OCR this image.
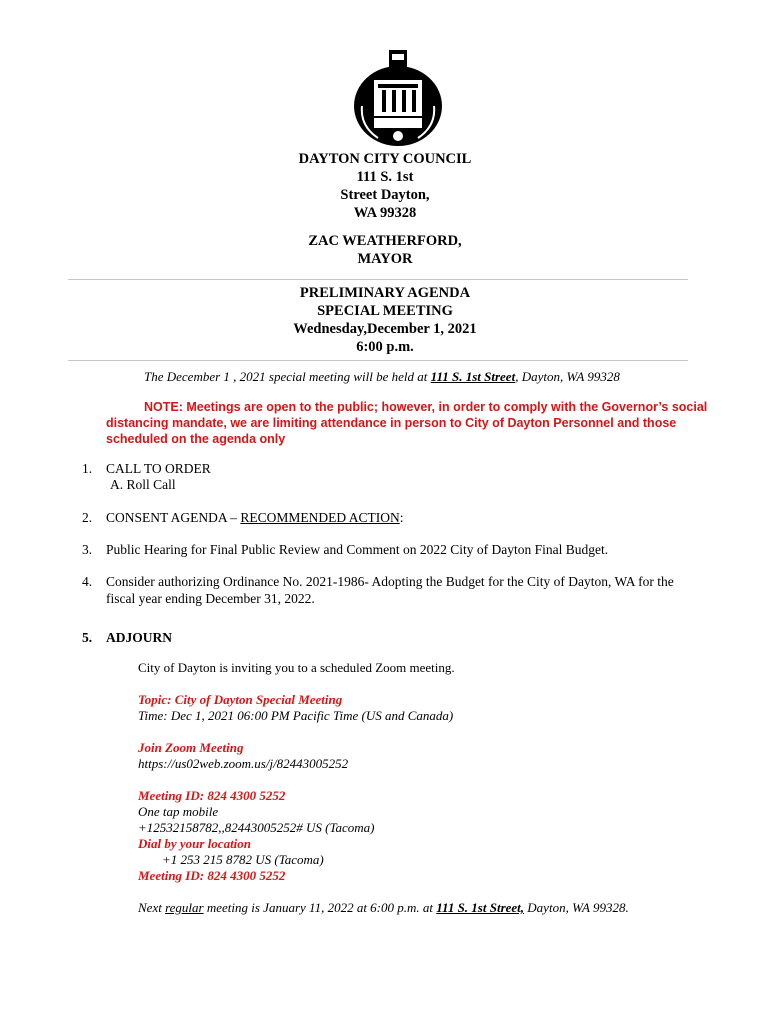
DAYTON CITY COUNCIL
111 S. 1st
Street Dayton,
WA 99328
ZAC WEATHERFORD,
MAYOR
PRELIMINARY AGENDA
SPECIAL MEETING
Wednesday,December 1, 2021
6:00 p.m.
The December 1 , 2021 special meeting will be held at 111 S. 1st Street, Dayton, WA 99328
NOTE: Meetings are open to the public; however, in order to comply with the Governor’s social distancing mandate, we are limiting attendance in person to City of Dayton Personnel and those scheduled on the agenda only
1. CALL TO ORDER
A. Roll Call
2. CONSENT AGENDA – RECOMMENDED ACTION:
3. Public Hearing for Final Public Review and Comment on 2022 City of Dayton Final Budget.
4. Consider authorizing Ordinance No. 2021-1986- Adopting the Budget for the City of Dayton, WA for the
fiscal year ending December 31, 2022.
5. ADJOURN
City of Dayton is inviting you to a scheduled Zoom meeting.
Topic: City of Dayton Special Meeting
Time: Dec 1, 2021 06:00 PM Pacific Time (US and Canada)
Join Zoom Meeting
https://us02web.zoom.us/j/82443005252
Meeting ID: 824 4300 5252
One tap mobile
+12532158782,,82443005252# US (Tacoma)
Dial by your location
+1 253 215 8782 US (Tacoma)
Meeting ID: 824 4300 5252
Next regular meeting is January 11, 2022 at 6:00 p.m. at 111 S. 1st Street, Dayton, WA 99328.
